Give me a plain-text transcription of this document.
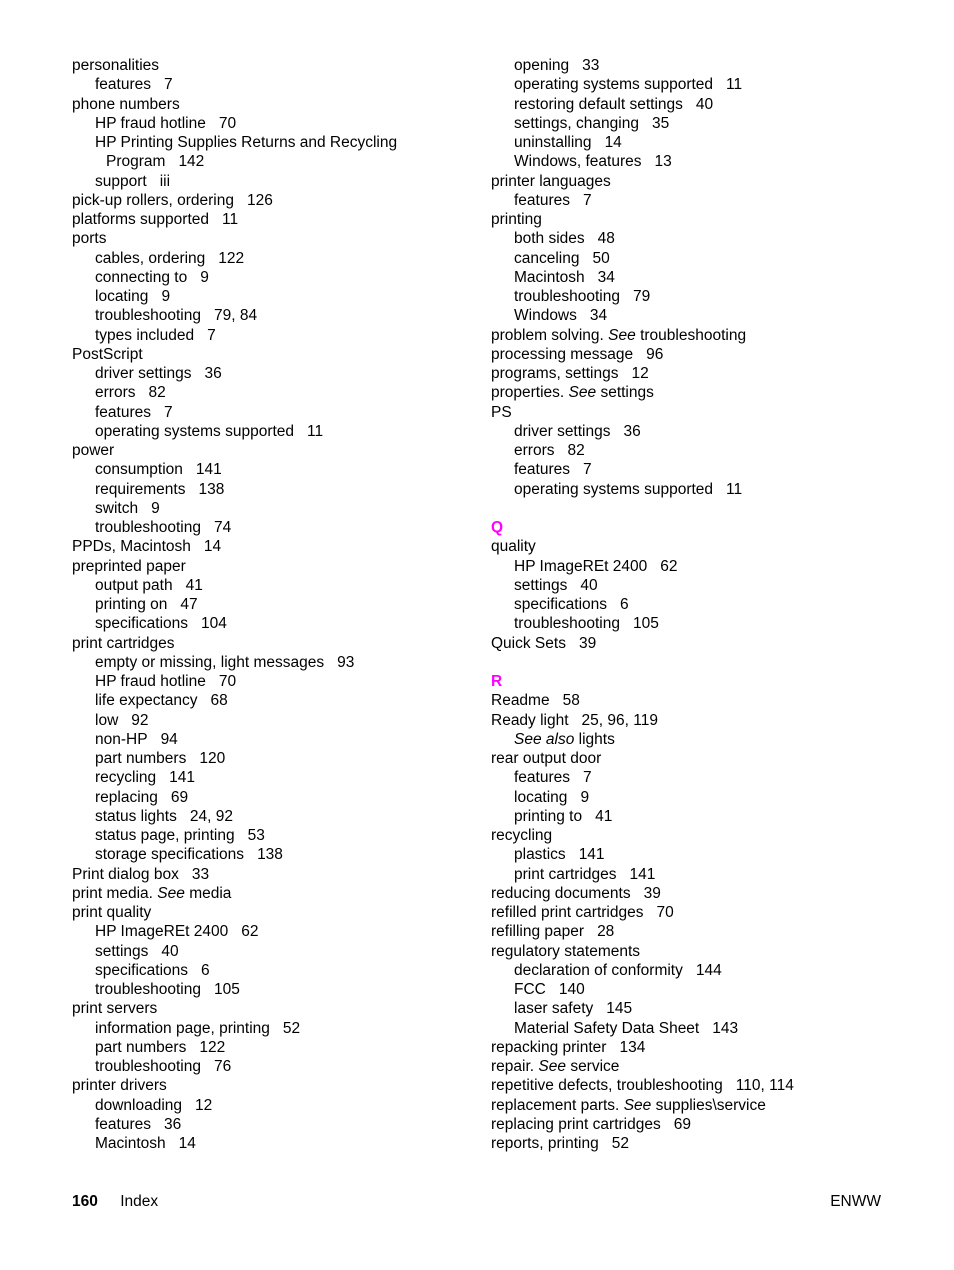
personalities
features 7
phone numbers
HP fraud hotline 70
HP Printing Supplies Returns and Recycling
Program 142
support iii
pick-up rollers, ordering 126
platforms supported 11
ports
cables, ordering 122
connecting to 9
locating 9
troubleshooting 79, 84
types included 7
PostScript
driver settings 36
errors 82
features 7
operating systems supported 11
power
consumption 141
requirements 138
switch 9
troubleshooting 74
PPDs, Macintosh 14
preprinted paper
output path 41
printing on 47
specifications 104
print cartridges
empty or missing, light messages 93
HP fraud hotline 70
life expectancy 68
low 92
non-HP 94
part numbers 120
recycling 141
replacing 69
status lights 24, 92
status page, printing 53
storage specifications 138
Print dialog box 33
print media. See media
print quality
HP ImageREt 2400 62
settings 40
specifications 6
troubleshooting 105
print servers
information page, printing 52
part numbers 122
troubleshooting 76
printer drivers
downloading 12
features 36
Macintosh 14
opening 33
operating systems supported 11
restoring default settings 40
settings, changing 35
uninstalling 14
Windows, features 13
printer languages
features 7
printing
both sides 48
canceling 50
Macintosh 34
troubleshooting 79
Windows 34
problem solving. See troubleshooting
processing message 96
programs, settings 12
properties. See settings
PS
driver settings 36
errors 82
features 7
operating systems supported 11
Q
quality
HP ImageREt 2400 62
settings 40
specifications 6
troubleshooting 105
Quick Sets 39
R
Readme 58
Ready light 25, 96, 119
See also lights
rear output door
features 7
locating 9
printing to 41
recycling
plastics 141
print cartridges 141
reducing documents 39
refilled print cartridges 70
refilling paper 28
regulatory statements
declaration of conformity 144
FCC 140
laser safety 145
Material Safety Data Sheet 143
repacking printer 134
repair. See service
repetitive defects, troubleshooting 110, 114
replacement parts. See supplies\service
replacing print cartridges 69
reports, printing 52
160 Index	ENWW
